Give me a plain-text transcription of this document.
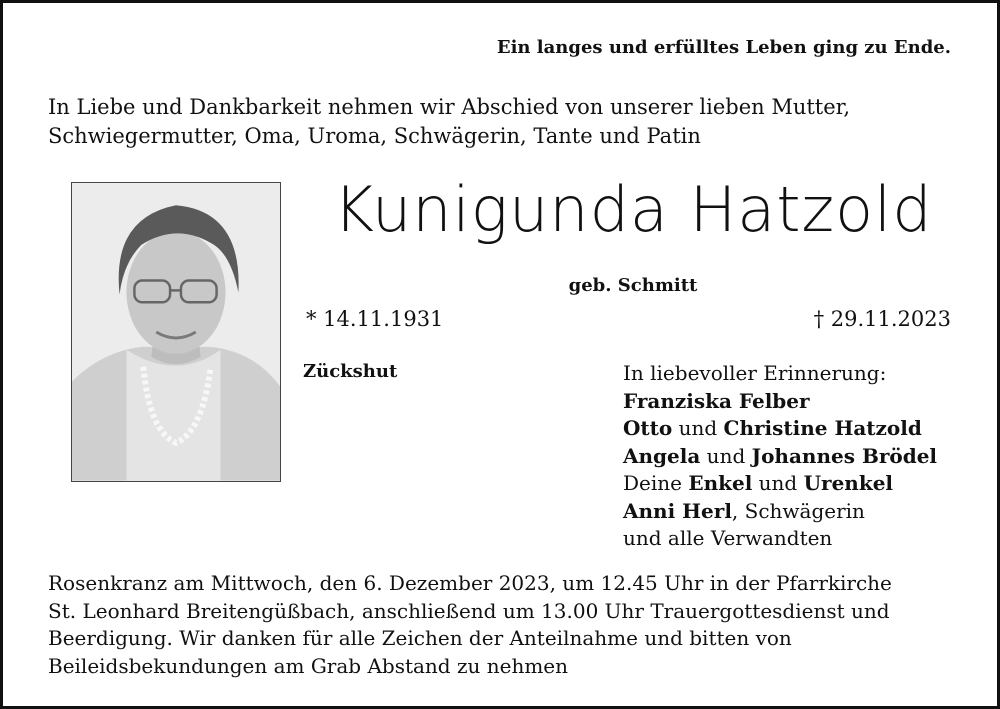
Ein langes und erfülltes Leben ging zu Ende.
In Liebe und Dankbarkeit nehmen wir Abschied von unserer lieben Mutter,
Schwiegermutter, Oma, Uroma, Schwägerin, Tante und Patin
Kunigunda Hatzold
geb. Schmitt
* 14.11.1931	† 29.11.2023
Zückshut	In liebevoller Erinnerung:
Franziska Felber
Otto und Christine Hatzold
Angela und Johannes Brödel
Deine Enkel und Urenkel
Anni Herl, Schwägerin
und alle Verwandten
Rosenkranz am Mittwoch, den 6. Dezember 2023, um 12.45 Uhr in der Pfarrkirche
St. Leonhard Breitengüßbach, anschließend um 13.00 Uhr Trauergottesdienst und
Beerdigung. Wir danken für alle Zeichen der Anteilnahme und bitten von
Beileidsbekundungen am Grab Abstand zu nehmen
